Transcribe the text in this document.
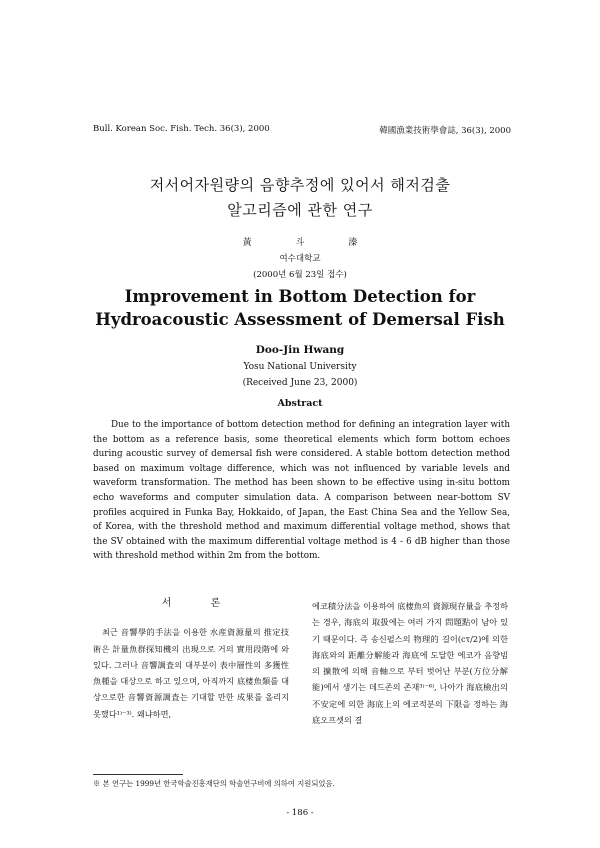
Bull. Korean Soc. Fish. Tech. 36(3), 2000	韓國漁業技術學會誌, 36(3), 2000
저서어자원량의 음향추정에 있어서 해저검출
알고리즘에 관한 연구
黃	斗	溱
여수대학교
(2000년 6월 23일 접수)
Improvement in Bottom Detection for
Hydroacoustic Assessment of Demersal Fish
Doo-Jin Hwang
Yosu National University
(Received June 23, 2000)
Abstract
Due to the importance of bottom detection method for defining an integration layer with the bottom as a reference basis, some theoretical elements which form bottom echoes during acoustic survey of demersal fish were considered. A stable bottom detection method based on maximum voltage difference, which was not influenced by variable levels and waveform transformation. The method has been shown to be effective using in-situ bottom echo waveforms and computer simulation data. A comparison between near-bottom SV profiles acquired in Funka Bay, Hokkaido, of Japan, the East China Sea and the Yellow Sea, of Korea, with the threshold method and maximum differential voltage method, shows that the SV obtained with the maximum differential voltage method is 4 - 6 dB higher than those with threshold method within 2m from the bottom.
서 론
최근 音響學的手法을 이용한 水産資源量의 推定技術은 計量魚群探知機의 出現으로 거의 實用段階에 와 있다. 그러나 音響調査의 대부분이 表中層性의 多獲性魚種을 대상으로 하고 있으며, 아직까지 底棲魚類를 대상으로한 音響資源調査는 기대할 만한 成果를 올리지 못했다¹⁾⁻³⁾. 왜냐하면,
에코積分法을 이용하여 底棲魚의 資源現存量을 추정하는 경우, 海底의 取扱에는 여러 가지 問題點이 남아 있기 때문이다. 즉 송신펄스의 物理的 길이(cτ/2)에 의한 海底와의 距離分解能과 海底에 도달한 에코가 음향빔의 擴散에 의해 音軸으로 부터 벗어난 부분(方位分解能)에서 생기는 데드존의 존재³⁾⁻⁶⁾, 나아가 海底檢出의 不安定에 의한 海底上의 에코적분의 下限을 정하는 海底오프셋의 결
※ 본 연구는 1999년 한국학술진흥재단의 학술연구비에 의하여 지원되었음.
- 186 -
